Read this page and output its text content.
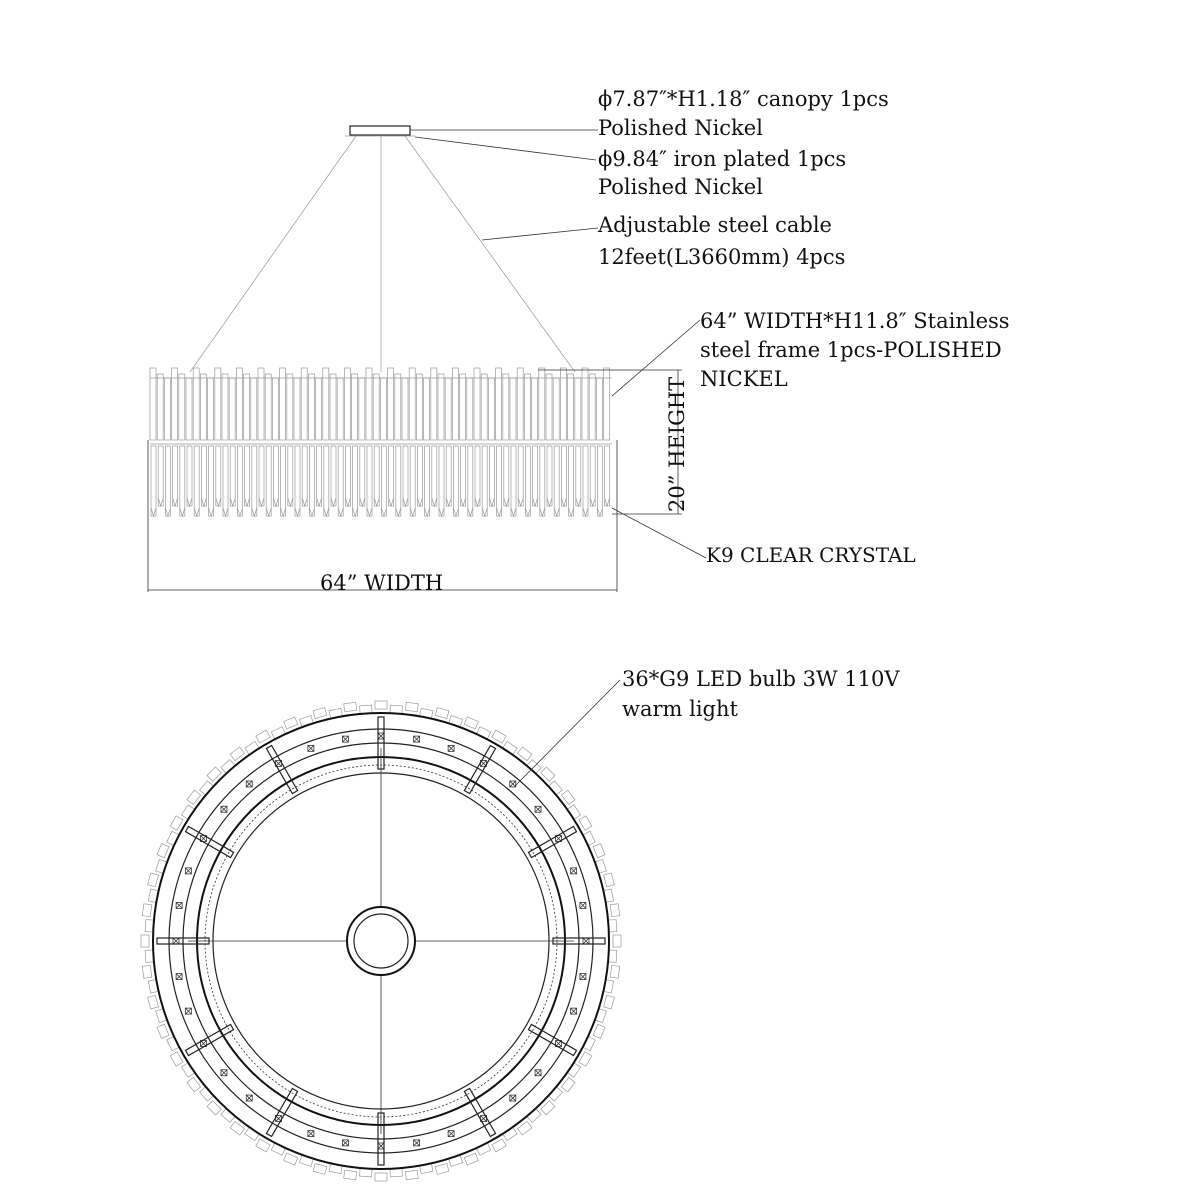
ϕ7.87″*H1.18″ canopy 1pcs
Polished Nickel
ϕ9.84″ iron plated 1pcs
Polished Nickel
Adjustable steel cable
12feet(L3660mm) 4pcs
64” WIDTH*H11.8″ Stainless
steel frame 1pcs-POLISHED
NICKEL
20” HEIGHT
64” WIDTH
K9 CLEAR CRYSTAL
36*G9 LED bulb 3W 110V
warm light
